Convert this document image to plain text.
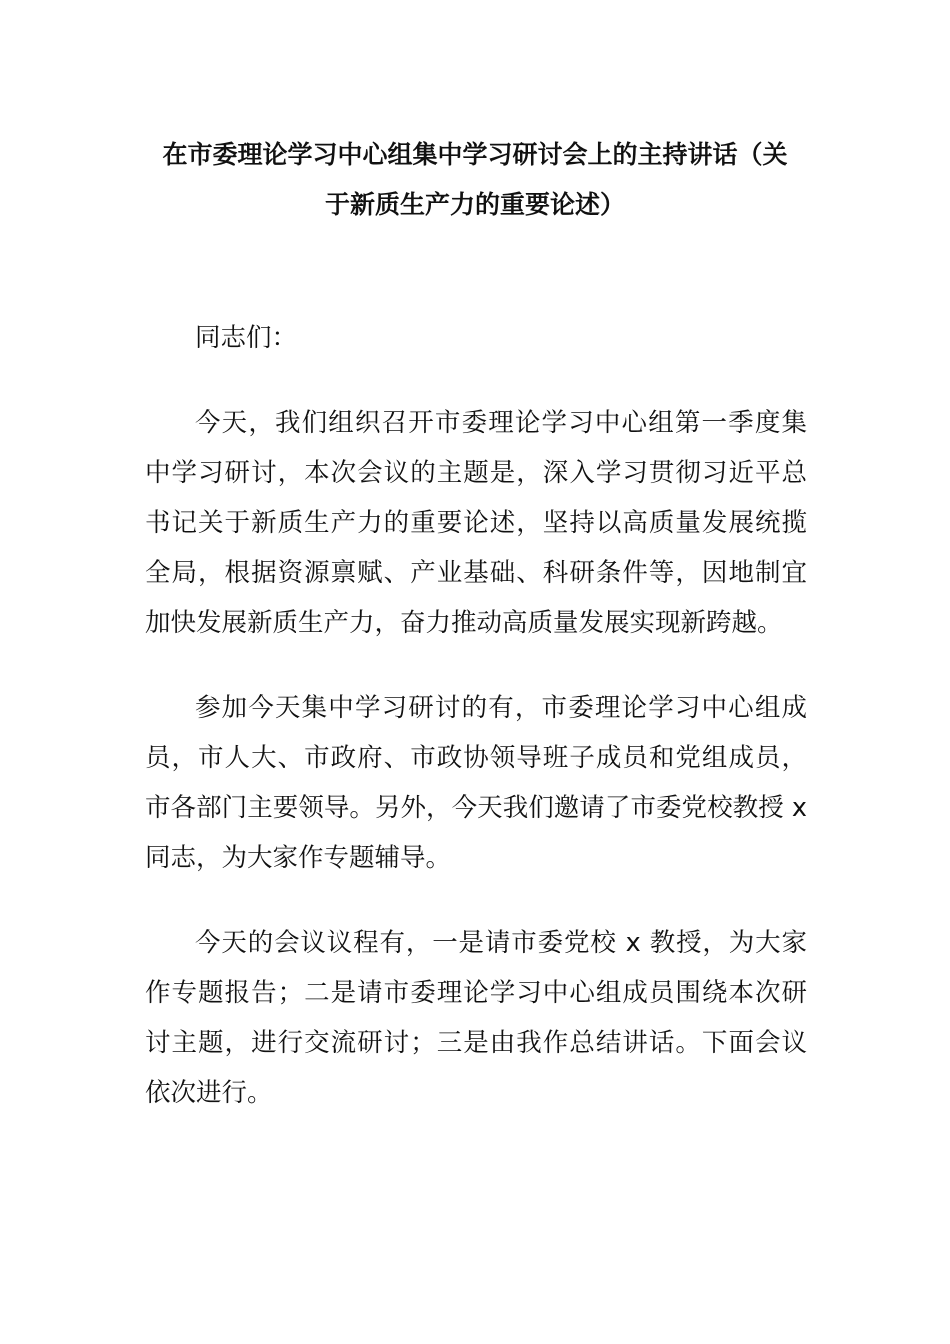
在市委理论学习中心组集中学习研讨会上的主持讲话（关
于新质生产力的重要论述）

同志们：

今天，我们组织召开市委理论学习中心组第一季度集
中学习研讨，本次会议的主题是，深入学习贯彻习近平总
书记关于新质生产力的重要论述，坚持以高质量发展统揽
全局，根据资源禀赋、产业基础、科研条件等，因地制宜
加快发展新质生产力，奋力推动高质量发展实现新跨越。
参加今天集中学习研讨的有，市委理论学习中心组成
员，市人大、市政府、市政协领导班子成员和党组成员，
市各部门主要领导。另外，今天我们邀请了市委党校教授 x
同志，为大家作专题辅导。
今天的会议议程有，一是请市委党校 x 教授，为大家
作专题报告；二是请市委理论学习中心组成员围绕本次研
讨主题，进行交流研讨；三是由我作总结讲话。下面会议
依次进行。
